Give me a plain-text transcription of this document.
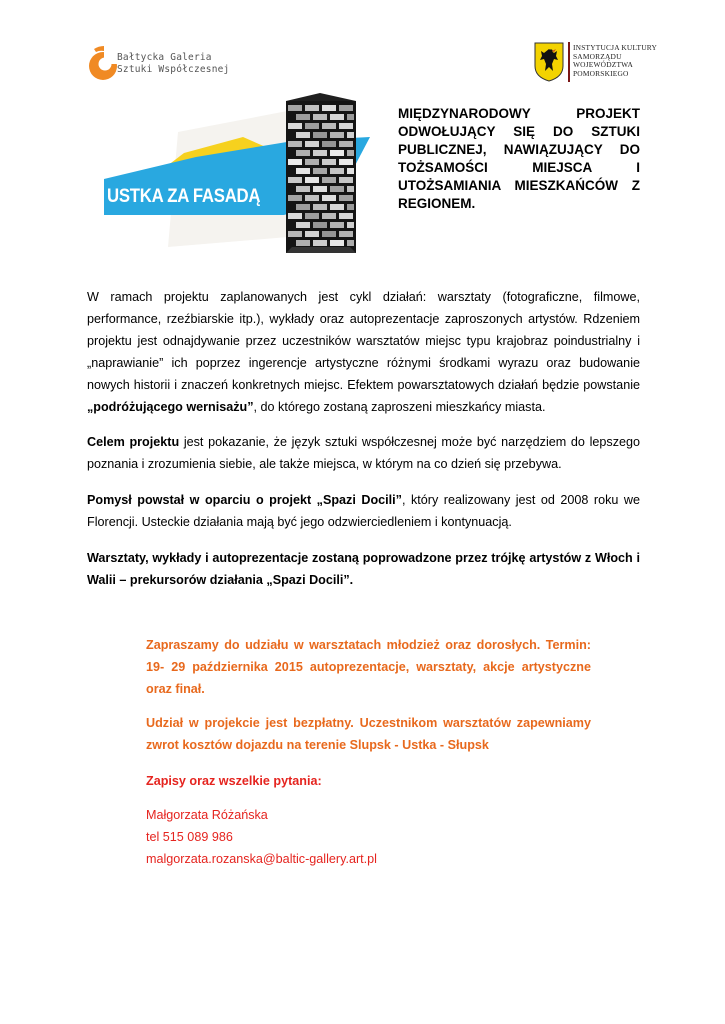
Bałtycka Galeria
Sztuki Współczesnej
INSTYTUCJA KULTURY
SAMORZĄDU
WOJEWÓDZTWA
POMORSKIEGO
USTKA ZA FASADĄ
MIĘDZYNARODOWY PROJEKT ODWOŁUJĄCY SIĘ DO SZTUKI PUBLICZNEJ, NAWIĄZUJĄCY DO TOŻSAMOŚCI MIEJSCA I UTOŻSAMIANIA MIESZKAŃCÓW Z REGIONEM.

W ramach projektu zaplanowanych jest cykl działań: warsztaty (fotograficzne, filmowe, performance, rzeźbiarskie itp.), wykłady oraz autoprezentacje zaproszonych artystów. Rdzeniem projektu jest odnajdywanie przez uczestników warsztatów miejsc typu krajobraz poindustrialny i „naprawianie” ich poprzez ingerencje artystyczne różnymi środkami wyrazu oraz budowanie nowych historii i znaczeń konkretnych miejsc. Efektem powarsztatowych działań będzie powstanie „podróżującego wernisażu”, do którego zostaną zaproszeni mieszkańcy miasta.

Celem projektu jest pokazanie, że język sztuki współczesnej może być narzędziem do lepszego poznania i zrozumienia siebie, ale także miejsca, w którym na co dzień się przebywa.

Pomysł powstał w oparciu o projekt „Spazi Docili”, który realizowany jest od 2008 roku we Florencji. Usteckie działania mają być jego odzwierciedleniem i kontynuacją.

Warsztaty, wykłady i autoprezentacje zostaną poprowadzone przez trójkę artystów z Włoch i Walii – prekursorów działania „Spazi Docili”.

Zapraszamy do udziału w warsztatach młodzież oraz dorosłych. Termin: 19- 29 października 2015 autoprezentacje, warsztaty, akcje artystyczne oraz finał.

Udział w projekcie jest bezpłatny. Uczestnikom warsztatów zapewniamy zwrot kosztów dojazdu na terenie Slupsk - Ustka - Słupsk

Zapisy oraz wszelkie pytania:

Małgorzata Różańska

tel 515 089 986

malgorzata.rozanska@baltic-gallery.art.pl
